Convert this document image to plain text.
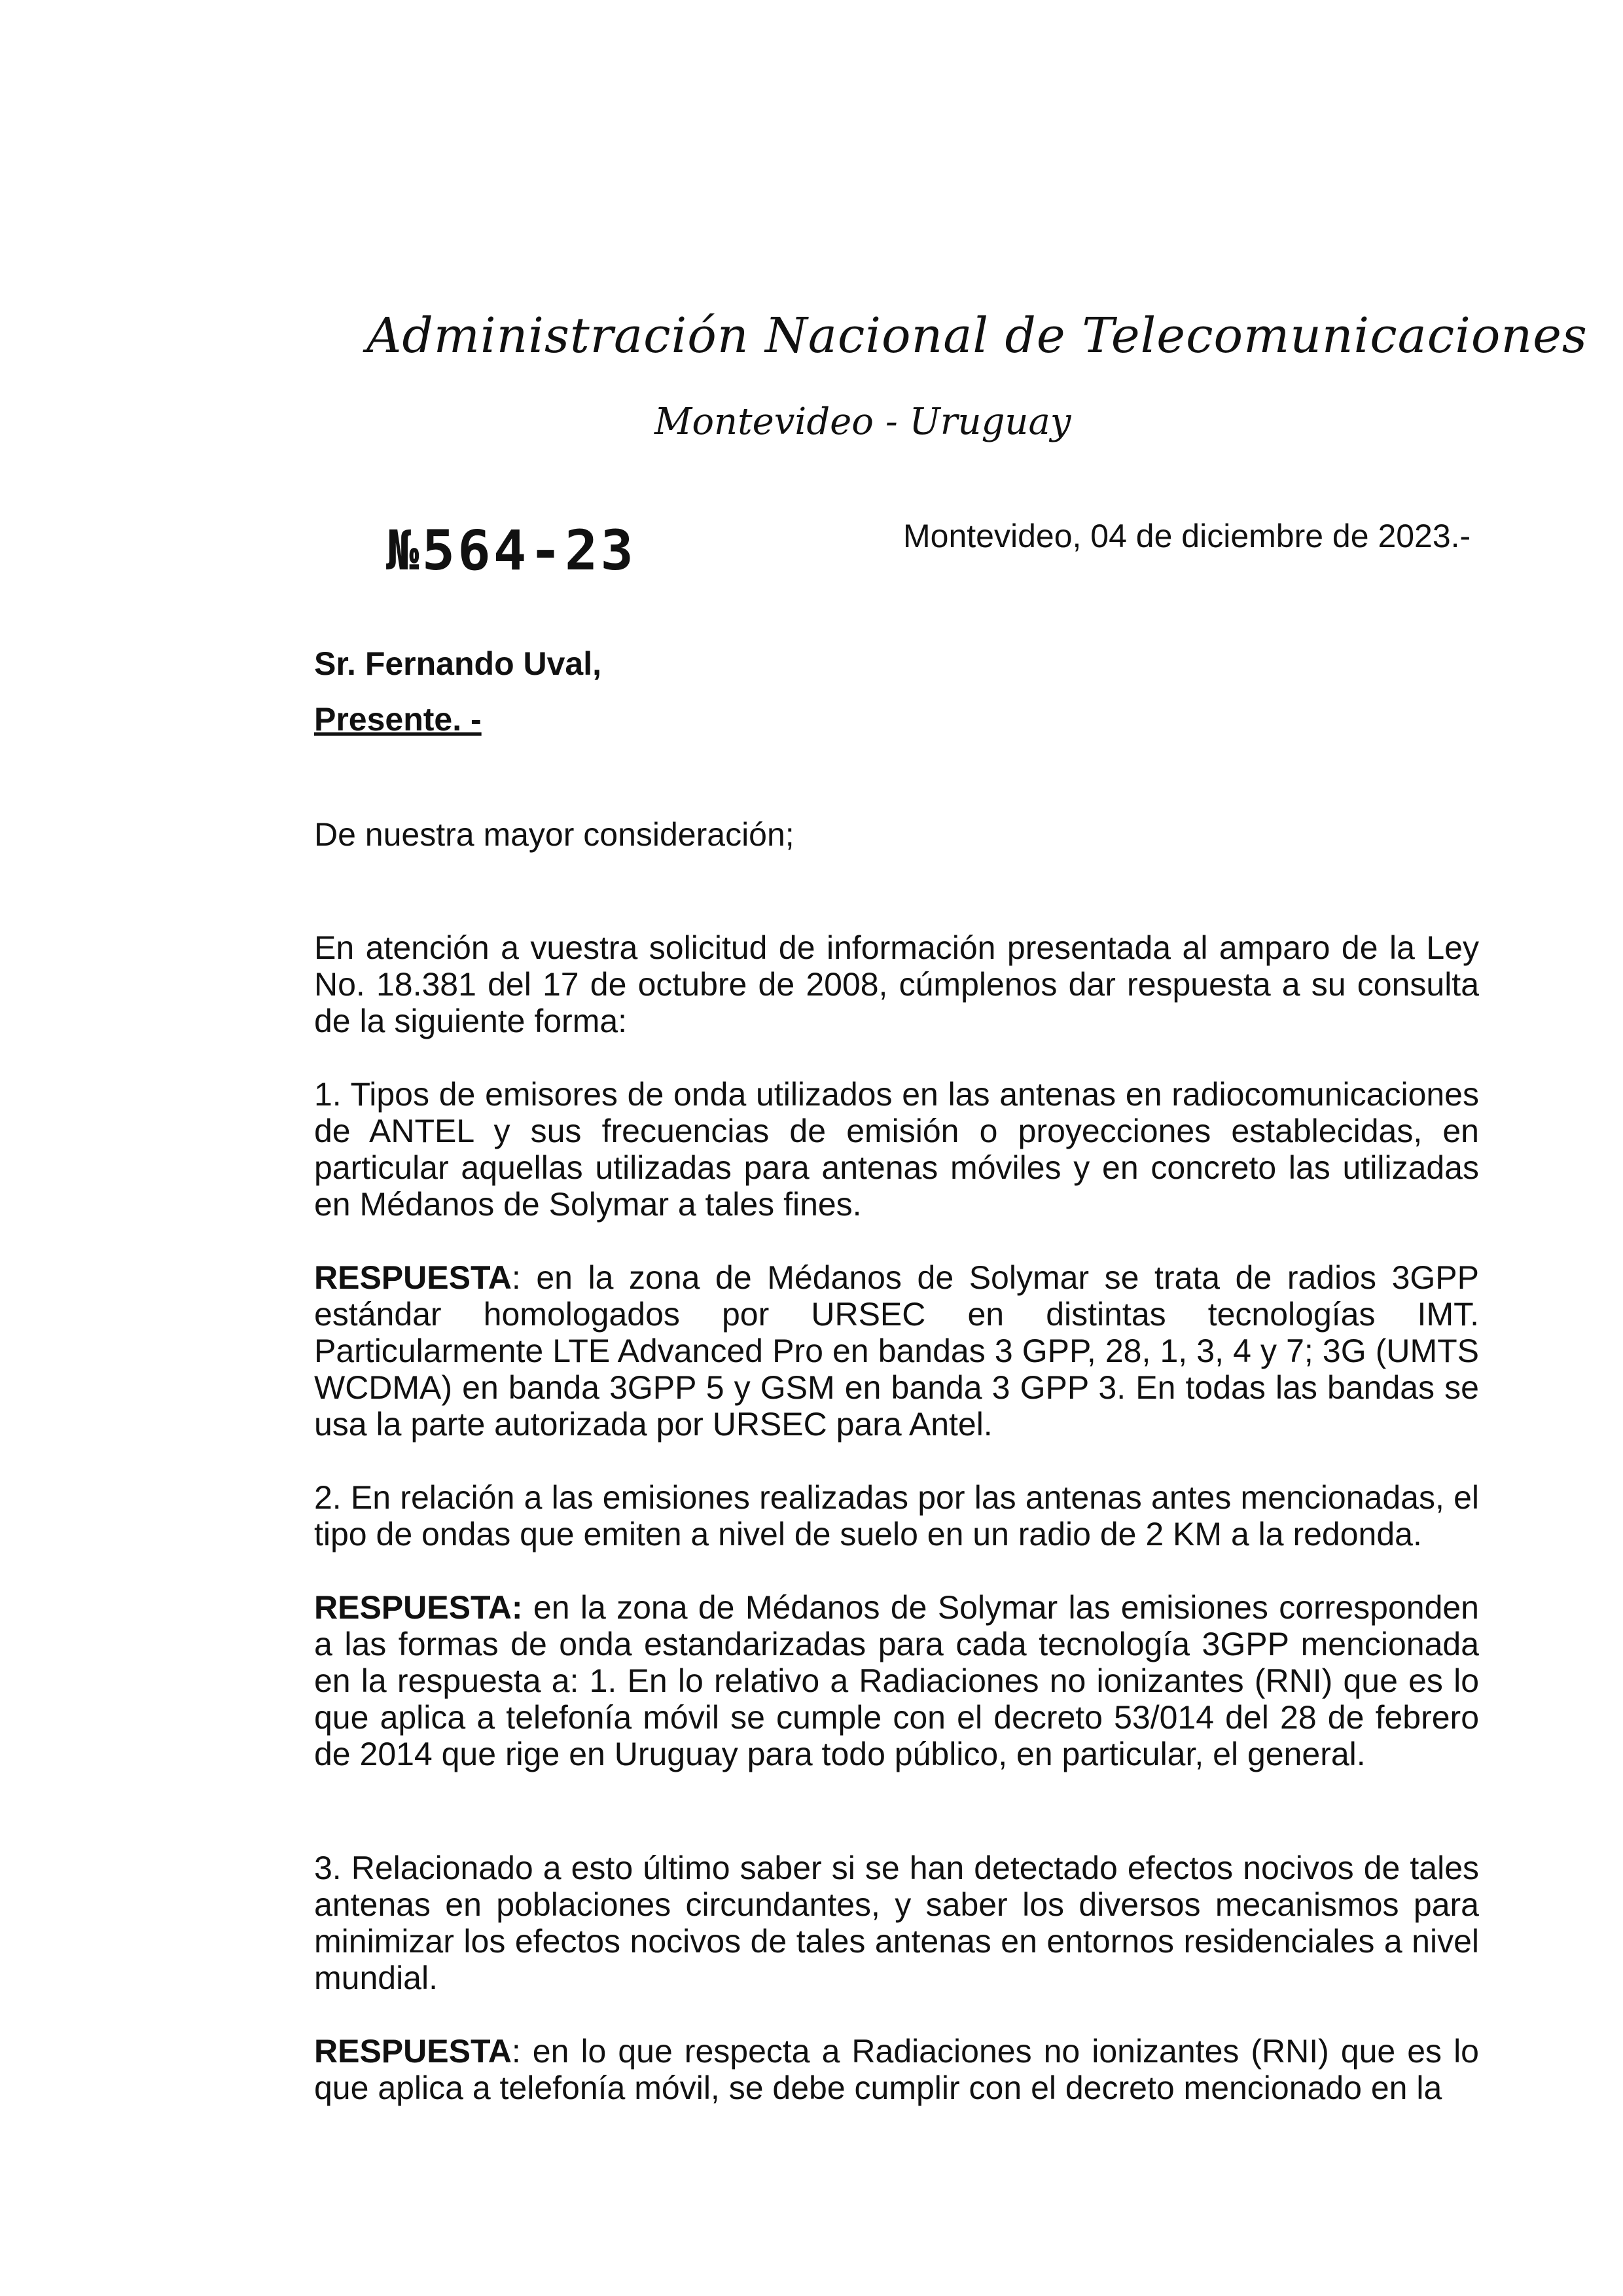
Administración Nacional de Telecomunicaciones
Montevideo - Uruguay
№564-23	Montevideo, 04 de diciembre de 2023.-
Sr. Fernando Uval,
Presente. -
De nuestra mayor consideración;

En atención a vuestra solicitud de información presentada al amparo de la Ley No. 18.381 del 17 de octubre de 2008, cúmplenos dar respuesta a su consulta de la siguiente forma:

1. Tipos de emisores de onda utilizados en las antenas en radiocomunicaciones de ANTEL y sus frecuencias de emisión o proyecciones establecidas, en particular aquellas utilizadas para antenas móviles y en concreto las utilizadas en Médanos de Solymar a tales fines.

RESPUESTA: en la zona de Médanos de Solymar se trata de radios 3GPP estándar homologados por URSEC en distintas tecnologías IMT. Particularmente LTE Advanced Pro en bandas 3 GPP, 28, 1, 3, 4 y 7; 3G (UMTS WCDMA) en banda 3GPP 5 y GSM en banda 3 GPP 3. En todas las bandas se usa la parte autorizada por URSEC para Antel.

2. En relación a las emisiones realizadas por las antenas antes mencionadas, el tipo de ondas que emiten a nivel de suelo en un radio de 2 KM a la redonda.

RESPUESTA: en la zona de Médanos de Solymar las emisiones corresponden a las formas de onda estandarizadas para cada tecnología 3GPP mencionada en la respuesta a: 1. En lo relativo a Radiaciones no ionizantes (RNI) que es lo que aplica a telefonía móvil se cumple con el decreto 53/014 del 28 de febrero de 2014 que rige en Uruguay para todo público, en particular, el general.

3. Relacionado a esto último saber si se han detectado efectos nocivos de tales antenas en poblaciones circundantes, y saber los diversos mecanismos para minimizar los efectos nocivos de tales antenas en entornos residenciales a nivel mundial.

RESPUESTA: en lo que respecta a Radiaciones no ionizantes (RNI) que es lo que aplica a telefonía móvil, se debe cumplir con el decreto mencionado en la
